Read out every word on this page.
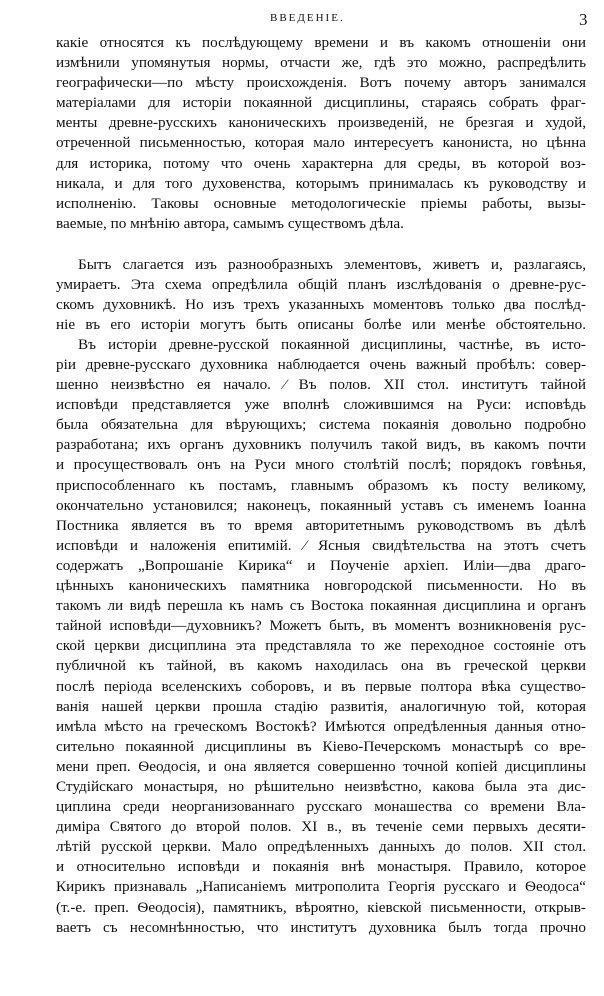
ВВЕДЕНІЕ.	3
какіе относятся къ послѣдующему времени и въ какомъ отношеніи они
измѣнили упомянутыя нормы, отчасти же, гдѣ это можно, распредѣлить
географически—по мѣсту происхожденія. Вотъ почему авторъ занимался
матеріалами для исторіи покаянной дисциплины, стараясь собрать фраг-
менты древне-русскихъ каноническихъ произведеній, не брезгая и худой,
отреченной письменностью, которая мало интересуетъ канониста, но цѣнна
для историка, потому что очень характерна для среды, въ которой воз-
никала, и для того духовенства, которымъ принималась къ руководству и
исполненію. Таковы основные методологическіе пріемы работы, вызы-
ваемые, по мнѣнію автора, самымъ существомъ дѣла.
Бытъ слагается изъ разнообразныхъ элементовъ, живетъ и, разлагаясь,
умираетъ. Эта схема опредѣлила общій планъ изслѣдованія о древне-рус-
скомъ духовникѣ. Но изъ трехъ указанныхъ моментовъ только два послѣд-
ніе въ его исторіи могутъ быть описаны болѣе или менѣе обстоятельно.
Въ исторіи древне-русской покаянной дисциплины, частнѣе, въ исто-
ріи древне-русскаго духовника наблюдается очень важный пробѣлъ: совер-
шенно неизвѣстно ея начало. ⁄ Въ полов. XII стол. институтъ тайной
исповѣди представляется уже вполнѣ сложившимся на Руси: исповѣдь
была обязательна для вѣрующихъ; система покаянія довольно подробно
разработана; ихъ органъ духовникъ получилъ такой видъ, въ какомъ почти
и просуществовалъ онъ на Руси много столѣтій послѣ; порядокъ говѣнья,
приспособленнаго къ постамъ, главнымъ образомъ къ посту великому,
окончательно установился; наконецъ, покаянный уставъ съ именемъ Іоанна
Постника является въ то время авторитетнымъ руководствомъ въ дѣлѣ
исповѣди и наложенія епитимій. ⁄ Ясныя свидѣтельства на этотъ счетъ
содержатъ „Вопрошаніе Кирика“ и Поученіе архіеп. Иліи—два драго-
цѣнныхъ каноническихъ памятника новгородской письменности. Но въ
такомъ ли видѣ перешла къ намъ съ Востока покаянная дисциплина и органъ
тайной исповѣди—духовникъ? Можетъ быть, въ моментъ возникновенія рус-
ской церкви дисциплина эта представляла то же переходное состояніе отъ
публичной къ тайной, въ какомъ находилась она въ греческой церкви
послѣ періода вселенскихъ соборовъ, и въ первые полтора вѣка существо-
ванія нашей церкви прошла стадію развитія, аналогичную той, которая
имѣла мѣсто на греческомъ Востокѣ? Имѣются опредѣленныя данныя отно-
сительно покаянной дисциплины въ Кіево-Печерскомъ монастырѣ со вре-
мени преп. Ѳеодосія, и она является совершенно точной копіей дисциплины
Студійскаго монастыря, но рѣшительно неизвѣстно, какова была эта дис-
циплина среди неорганизованнаго русскаго монашества со времени Вла-
диміра Святого до второй полов. XI в., въ теченіе семи первыхъ десяти-
лѣтій русской церкви. Мало опредѣленныхъ данныхъ до полов. XII стол.
и относительно исповѣди и покаянія внѣ монастыря. Правило, которое
Кирикъ признаваль „Написаніемъ митрополита Георгія русскаго и Ѳеодоса“
(т.-е. преп. Ѳеодосія), памятникъ, вѣроятно, кіевской письменности, открыв-
ваетъ съ несомнѣнностью, что институтъ духовника былъ тогда прочно
